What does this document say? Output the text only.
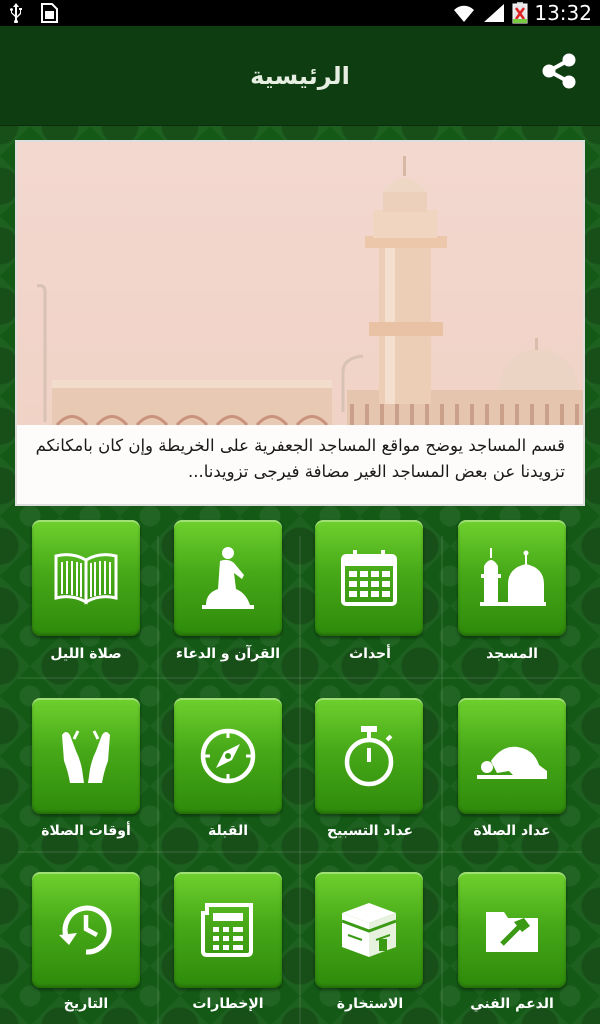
13:32
الرئيسية
قسم المساجد يوضح مواقع المساجد الجعفرية على الخريطة وإن كان بامكانكم تزويدنا عن بعض المساجد الغير مضافة فيرجى تزويدنا...
المسجد
أحداث
القرآن و الدعاء
صلاة الليل
عداد الصلاة
عداد التسبيح
القبلة
أوقات الصلاة
الدعم الفني
الاستخارة
الإخطارات
التاريخ
